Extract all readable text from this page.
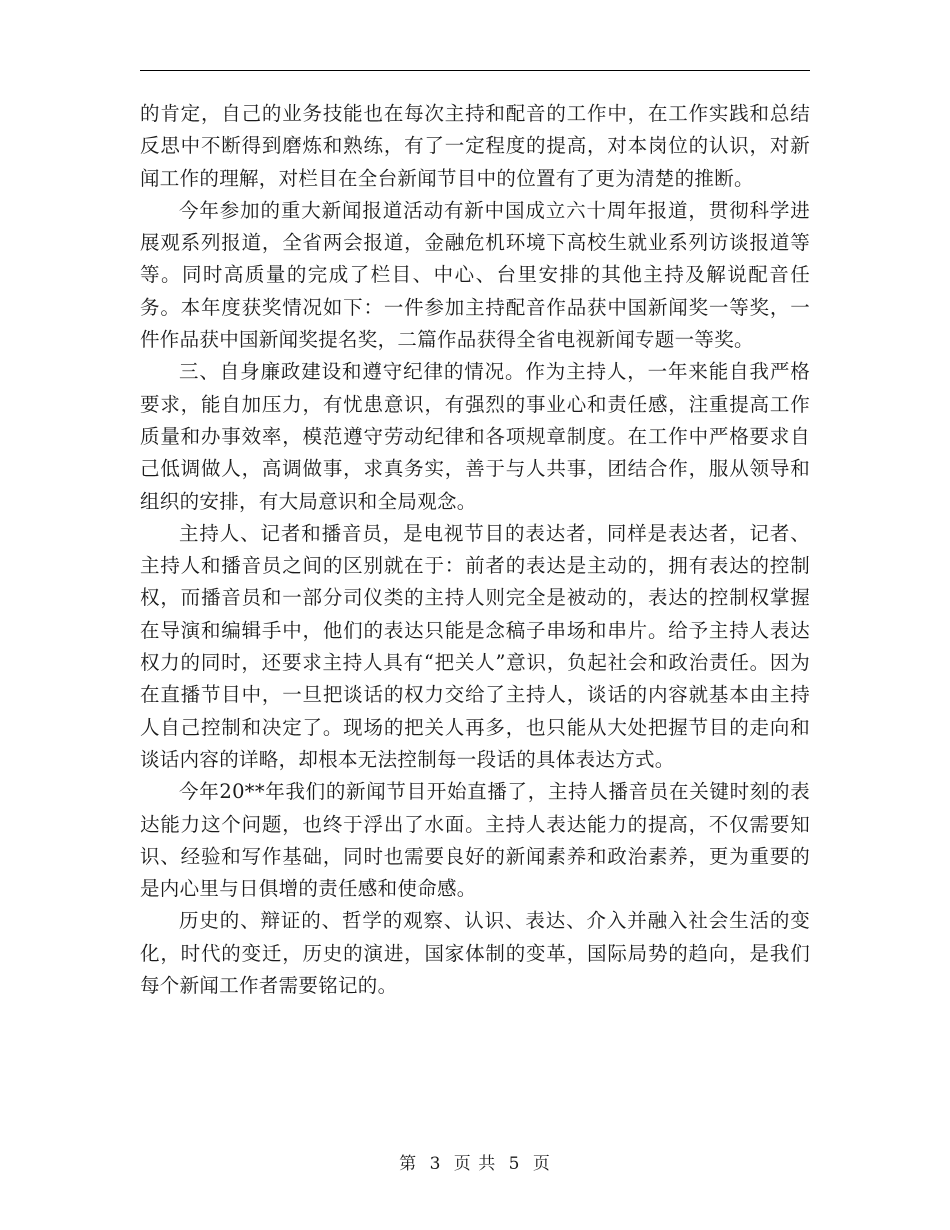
的肯定，自己的业务技能也在每次主持和配音的工作中，在工作实践和总结反思中不断得到磨炼和熟练，有了一定程度的提高，对本岗位的认识，对新闻工作的理解，对栏目在全台新闻节目中的位置有了更为清楚的推断。

今年参加的重大新闻报道活动有新中国成立六十周年报道，贯彻科学进展观系列报道，全省两会报道，金融危机环境下高校生就业系列访谈报道等等。同时高质量的完成了栏目、中心、台里安排的其他主持及解说配音任务。本年度获奖情况如下：一件参加主持配音作品获中国新闻奖一等奖，一件作品获中国新闻奖提名奖，二篇作品获得全省电视新闻专题一等奖。

三、自身廉政建设和遵守纪律的情况。作为主持人，一年来能自我严格要求，能自加压力，有忧患意识，有强烈的事业心和责任感，注重提高工作质量和办事效率，模范遵守劳动纪律和各项规章制度。在工作中严格要求自己低调做人，高调做事，求真务实，善于与人共事，团结合作，服从领导和组织的安排，有大局意识和全局观念。

主持人、记者和播音员，是电视节目的表达者，同样是表达者，记者、主持人和播音员之间的区别就在于：前者的表达是主动的，拥有表达的控制权，而播音员和一部分司仪类的主持人则完全是被动的，表达的控制权掌握在导演和编辑手中，他们的表达只能是念稿子串场和串片。给予主持人表达权力的同时，还要求主持人具有“把关人”意识，负起社会和政治责任。因为在直播节目中，一旦把谈话的权力交给了主持人，谈话的内容就基本由主持人自己控制和决定了。现场的把关人再多，也只能从大处把握节目的走向和谈话内容的详略，却根本无法控制每一段话的具体表达方式。

今年20**年我们的新闻节目开始直播了，主持人播音员在关键时刻的表达能力这个问题，也终于浮出了水面。主持人表达能力的提高，不仅需要知识、经验和写作基础，同时也需要良好的新闻素养和政治素养，更为重要的是内心里与日俱增的责任感和使命感。

历史的、辩证的、哲学的观察、认识、表达、介入并融入社会生活的变化，时代的变迁，历史的演进，国家体制的变革，国际局势的趋向，是我们每个新闻工作者需要铭记的。

第 3 页 共 5 页
